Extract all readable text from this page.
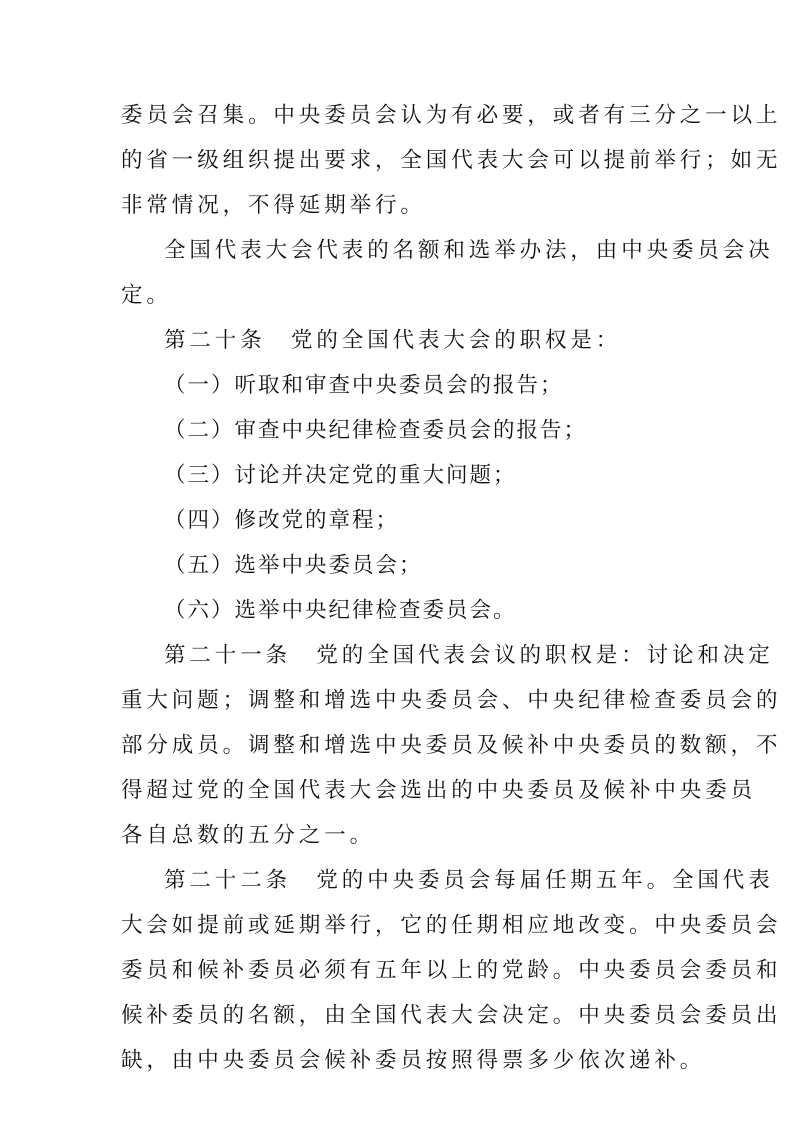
委员会召集。中央委员会认为有必要，或者有三分之一以上
的省一级组织提出要求，全国代表大会可以提前举行；如无
非常情况，不得延期举行。
全国代表大会代表的名额和选举办法，由中央委员会决
定。
第二十条　党的全国代表大会的职权是：
（一）听取和审查中央委员会的报告；
（二）审查中央纪律检查委员会的报告；
（三）讨论并决定党的重大问题；
（四）修改党的章程；
（五）选举中央委员会；
（六）选举中央纪律检查委员会。
第二十一条　党的全国代表会议的职权是：讨论和决定
重大问题；调整和增选中央委员会、中央纪律检查委员会的
部分成员。调整和增选中央委员及候补中央委员的数额，不
得超过党的全国代表大会选出的中央委员及候补中央委员
各自总数的五分之一。
第二十二条　党的中央委员会每届任期五年。全国代表
大会如提前或延期举行，它的任期相应地改变。中央委员会
委员和候补委员必须有五年以上的党龄。中央委员会委员和
候补委员的名额，由全国代表大会决定。中央委员会委员出
缺，由中央委员会候补委员按照得票多少依次递补。
